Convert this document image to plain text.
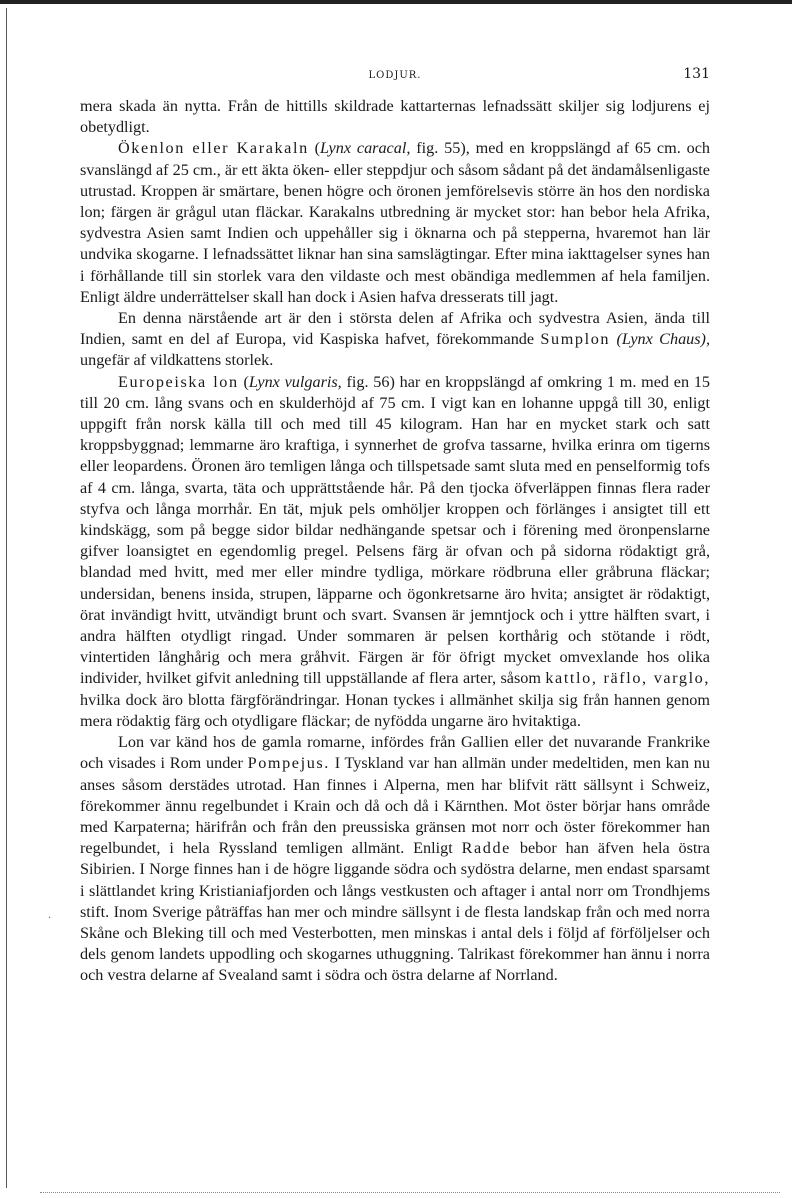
LODJUR.	131

mera skada än nytta. Från de hittills skildrade kattarternas lefnadssätt skiljer sig lodjurens ej obetydligt.

Ökenlon eller Karakaln (Lynx caracal, fig. 55), med en kroppslängd af 65 cm. och svanslängd af 25 cm., är ett äkta öken- eller steppdjur och såsom sådant på det ändamålsenligaste utrustad. Kroppen är smärtare, benen högre och öronen jemförelsevis större än hos den nordiska lon; färgen är grågul utan fläckar. Karakalns utbredning är mycket stor: han bebor hela Afrika, sydvestra Asien samt Indien och uppehåller sig i öknarna och på stepperna, hvaremot han lär undvika skogarne. I lefnadssättet liknar han sina samslägtingar. Efter mina iakttagelser synes han i förhållande till sin storlek vara den vildaste och mest obändiga medlemmen af hela familjen. Enligt äldre underrättelser skall han dock i Asien hafva dresserats till jagt.

En denna närstående art är den i största delen af Afrika och sydvestra Asien, ända till Indien, samt en del af Europa, vid Kaspiska hafvet, förekommande Sumplon (Lynx Chaus), ungefär af vildkattens storlek.

Europeiska lon (Lynx vulgaris, fig. 56) har en kroppslängd af omkring 1 m. med en 15 till 20 cm. lång svans och en skulderhöjd af 75 cm. I vigt kan en lohanne uppgå till 30, enligt uppgift från norsk källa till och med till 45 kilogram. Han har en mycket stark och satt kroppsbyggnad; lemmarne äro kraftiga, i synnerhet de grofva tassarne, hvilka erinra om tigerns eller leopardens. Öronen äro temligen långa och tillspetsade samt sluta med en penselformig tofs af 4 cm. långa, svarta, täta och upprättstående hår. På den tjocka öfverläppen finnas flera rader styfva och långa morrhår. En tät, mjuk pels omhöljer kroppen och förlänges i ansigtet till ett kindskägg, som på begge sidor bildar nedhängande spetsar och i förening med öronpenslarne gifver loansigtet en egendomlig pregel. Pelsens färg är ofvan och på sidorna rödaktigt grå, blandad med hvitt, med mer eller mindre tydliga, mörkare rödbruna eller gråbruna fläckar; undersidan, benens insida, strupen, läpparne och ögonkretsarne äro hvita; ansigtet är rödaktigt, örat invändigt hvitt, utvändigt brunt och svart. Svansen är jemntjock och i yttre hälften svart, i andra hälften otydligt ringad. Under sommaren är pelsen korthårig och stötande i rödt, vintertiden långhårig och mera gråhvit. Färgen är för öfrigt mycket omvexlande hos olika individer, hvilket gifvit anledning till uppställande af flera arter, såsom kattlo, räflo, varglo, hvilka dock äro blotta färgförändringar. Honan tyckes i allmänhet skilja sig från hannen genom mera rödaktig färg och otydligare fläckar; de nyfödda ungarne äro hvitaktiga.

Lon var känd hos de gamla romarne, infördes från Gallien eller det nuvarande Frankrike och visades i Rom under Pompejus. I Tyskland var han allmän under medeltiden, men kan nu anses såsom derstädes utrotad. Han finnes i Alperna, men har blifvit rätt sällsynt i Schweiz, förekommer ännu regelbundet i Krain och då och då i Kärnthen. Mot öster börjar hans område med Karpaterna; härifrån och från den preussiska gränsen mot norr och öster förekommer han regelbundet, i hela Ryssland temligen allmänt. Enligt Radde bebor han äfven hela östra Sibirien. I Norge finnes han i de högre liggande södra och sydöstra delarne, men endast sparsamt i slättlandet kring Kristianiafjorden och långs vestkusten och aftager i antal norr om Trondhjems stift. Inom Sverige påträffas han mer och mindre sällsynt i de flesta landskap från och med norra Skåne och Bleking till och med Vesterbotten, men minskas i antal dels i följd af förföljelser och dels genom landets uppodling och skogarnes uthuggning. Talrikast förekommer han ännu i norra och vestra delarne af Svealand samt i södra och östra delarne af Norrland.

·
